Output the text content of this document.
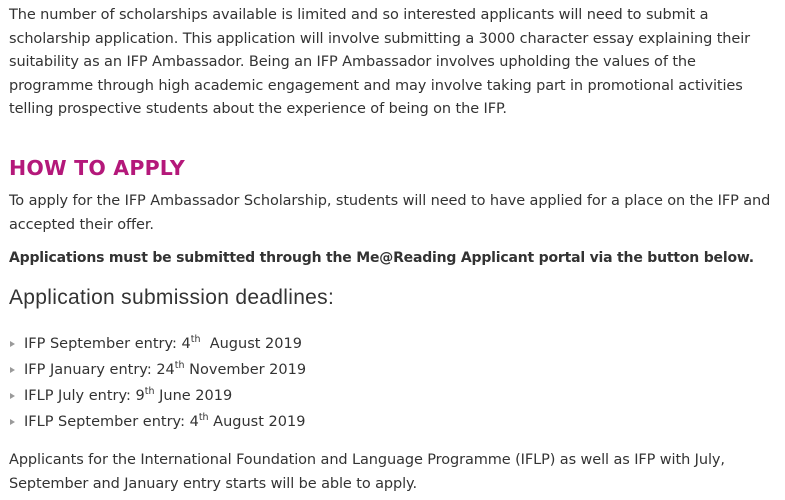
The number of scholarships available is limited and so interested applicants will need to submit a scholarship application. This application will involve submitting a 3000 character essay explaining their suitability as an IFP Ambassador. Being an IFP Ambassador involves upholding the values of the programme through high academic engagement and may involve taking part in promotional activities telling prospective students about the experience of being on the IFP.

HOW TO APPLY

To apply for the IFP Ambassador Scholarship, students will need to have applied for a place on the IFP and accepted their offer.

Applications must be submitted through the Me@Reading Applicant portal via the button below.

Application submission deadlines:
IFP September entry: 4th  August 2019
IFP January entry: 24th November 2019
IFLP July entry: 9th June 2019
IFLP September entry: 4th August 2019

Applicants for the International Foundation and Language Programme (IFLP) as well as IFP with July, September and January entry starts will be able to apply.
